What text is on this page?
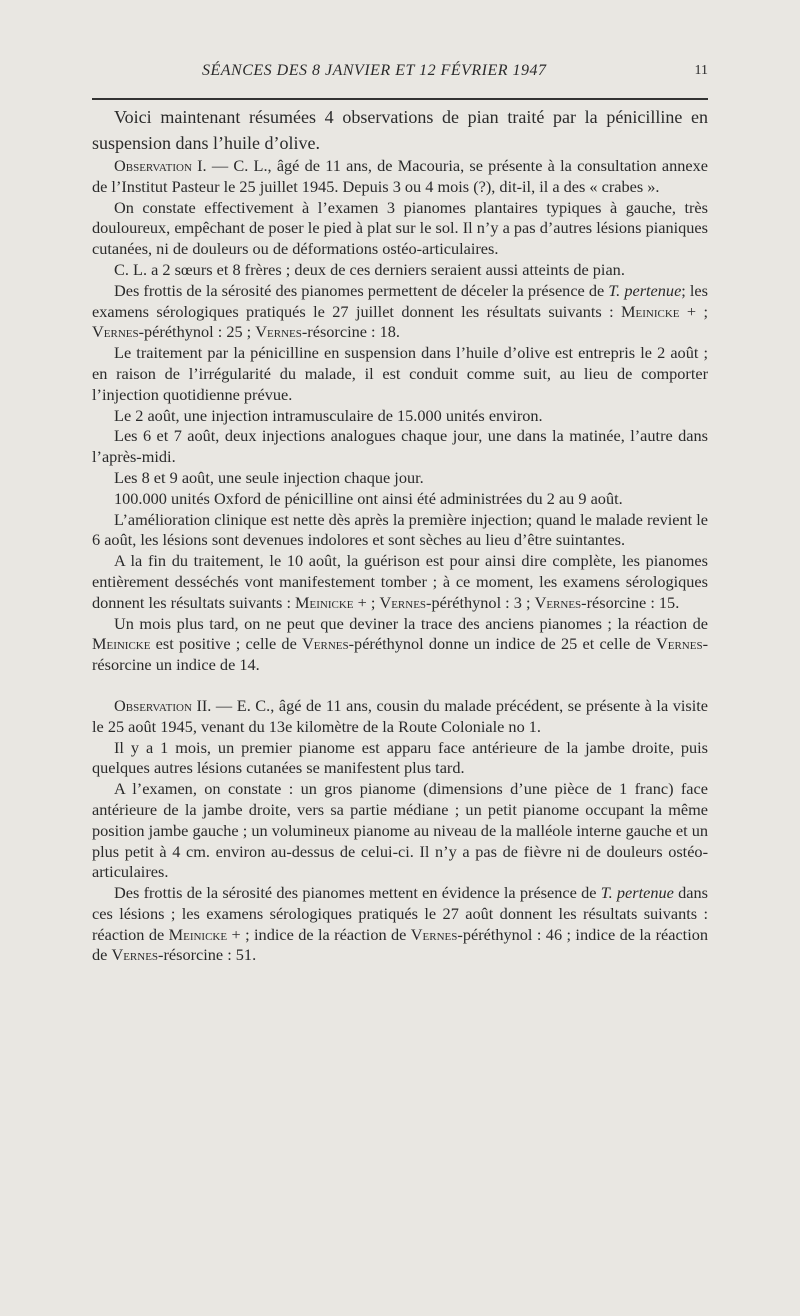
SÉANCES DES 8 JANVIER ET 12 FÉVRIER 1947	11

Voici maintenant résumées 4 observations de pian traité par la pénicilline en suspension dans l’huile d’olive.

Observation I. — C. L., âgé de 11 ans, de Macouria, se présente à la consultation annexe de l’Institut Pasteur le 25 juillet 1945. Depuis 3 ou 4 mois (?), dit-il, il a des « crabes ».

On constate effectivement à l’examen 3 pianomes plantaires typiques à gauche, très douloureux, empêchant de poser le pied à plat sur le sol. Il n’y a pas d’autres lésions pianiques cutanées, ni de douleurs ou de déformations ostéo-articulaires.

C. L. a 2 sœurs et 8 frères ; deux de ces derniers seraient aussi atteints de pian.

Des frottis de la sérosité des pianomes permettent de déceler la présence de T. pertenue; les examens sérologiques pratiqués le 27 juillet donnent les résultats suivants : Meinicke + ; Vernes-péréthynol : 25 ; Vernes-résorcine : 18.

Le traitement par la pénicilline en suspension dans l’huile d’olive est entrepris le 2 août ; en raison de l’irrégularité du malade, il est conduit comme suit, au lieu de comporter l’injection quotidienne prévue.

Le 2 août, une injection intramusculaire de 15.000 unités environ.

Les 6 et 7 août, deux injections analogues chaque jour, une dans la matinée, l’autre dans l’après-midi.

Les 8 et 9 août, une seule injection chaque jour.

100.000 unités Oxford de pénicilline ont ainsi été administrées du 2 au 9 août.

L’amélioration clinique est nette dès après la première injection; quand le malade revient le 6 août, les lésions sont devenues indolores et sont sèches au lieu d’être suintantes.

A la fin du traitement, le 10 août, la guérison est pour ainsi dire complète, les pianomes entièrement desséchés vont manifestement tomber ; à ce moment, les examens sérologiques donnent les résultats suivants : Meinicke + ; Vernes-péréthynol : 3 ; Vernes-résorcine : 15.

Un mois plus tard, on ne peut que deviner la trace des anciens pianomes ; la réaction de Meinicke est positive ; celle de Vernes-péréthynol donne un indice de 25 et celle de Vernes-résorcine un indice de 14.

Observation II. — E. C., âgé de 11 ans, cousin du malade précédent, se présente à la visite le 25 août 1945, venant du 13e kilomètre de la Route Coloniale no 1.

Il y a 1 mois, un premier pianome est apparu face antérieure de la jambe droite, puis quelques autres lésions cutanées se manifestent plus tard.

A l’examen, on constate : un gros pianome (dimensions d’une pièce de 1 franc) face antérieure de la jambe droite, vers sa partie médiane ; un petit pianome occupant la même position jambe gauche ; un volumineux pianome au niveau de la malléole interne gauche et un plus petit à 4 cm. environ au-dessus de celui-ci. Il n’y a pas de fièvre ni de douleurs ostéo-articulaires.

Des frottis de la sérosité des pianomes mettent en évidence la présence de T. pertenue dans ces lésions ; les examens sérologiques pratiqués le 27 août donnent les résultats suivants : réaction de Meinicke + ; indice de la réaction de Vernes-péréthynol : 46 ; indice de la réaction de Vernes-résorcine : 51.
